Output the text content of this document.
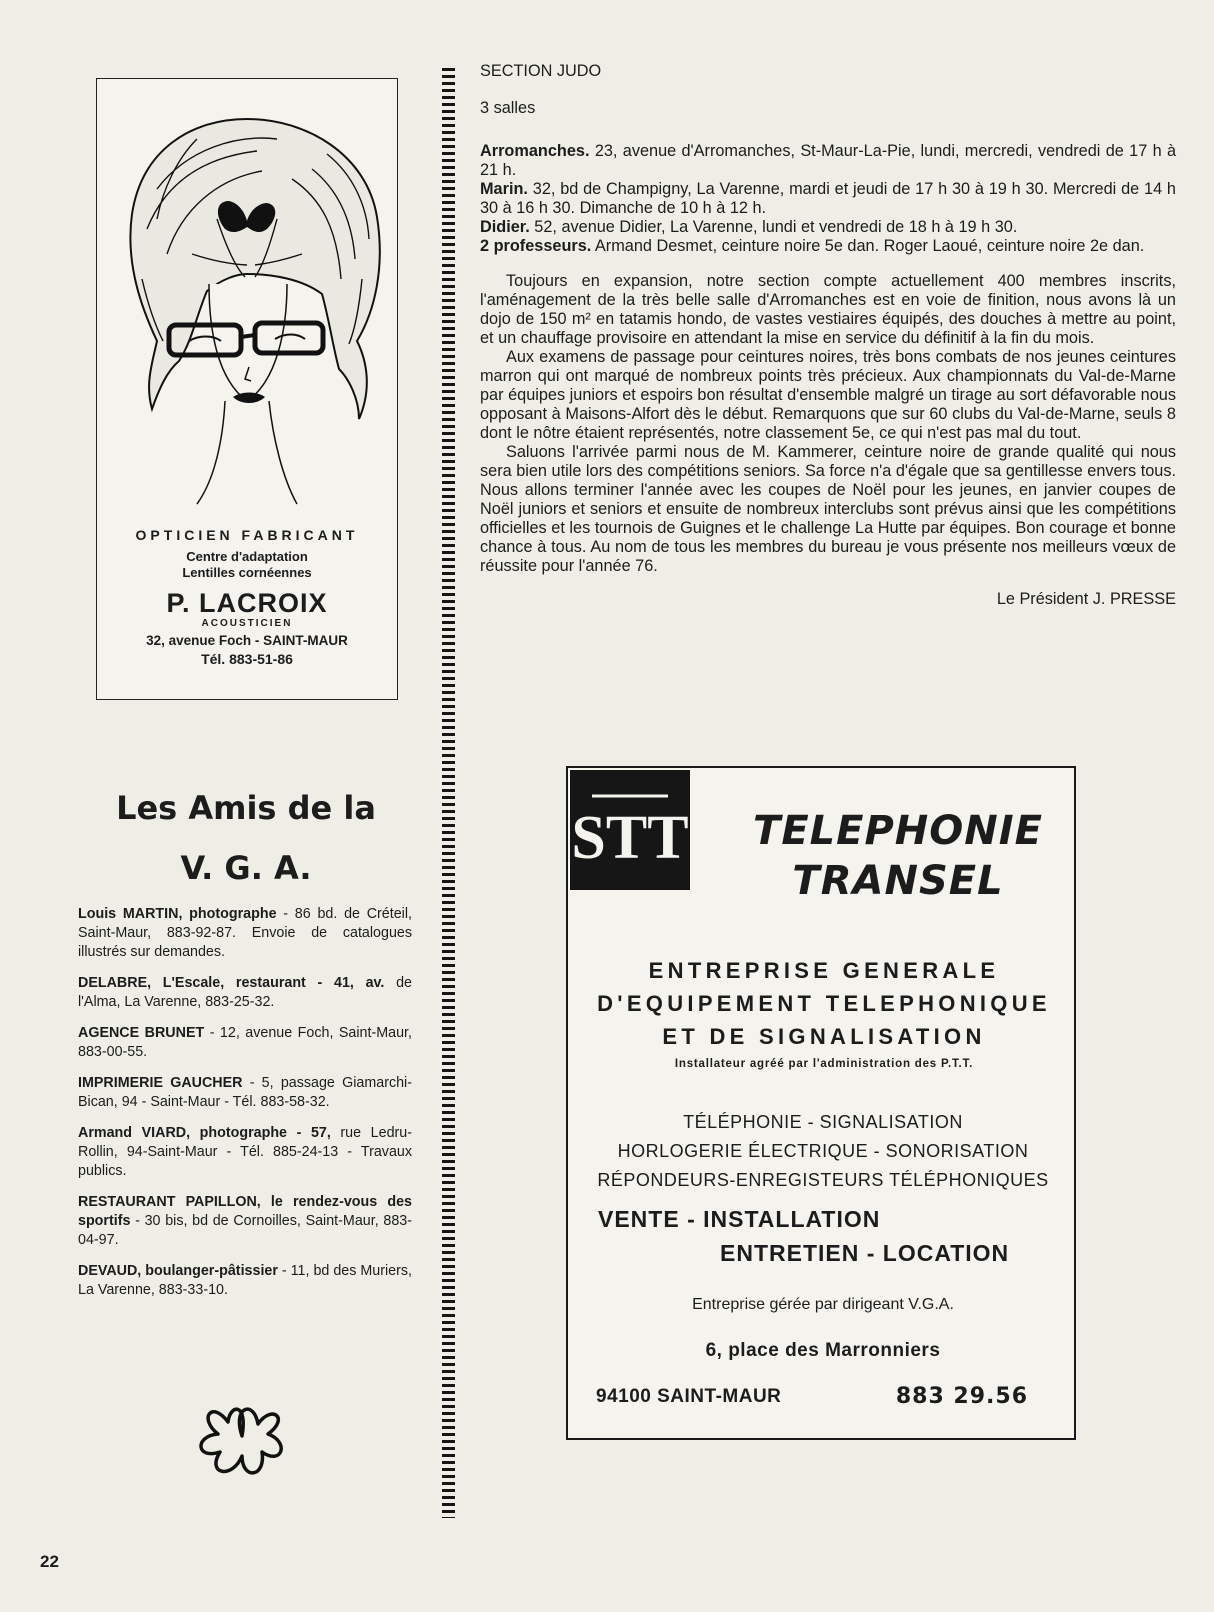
OPTICIEN FABRICANT
Centre d'adaptation
Lentilles cornéennes
P. LACROIX
ACOUSTICIEN
32, avenue Foch - SAINT-MAUR
Tél. 883-51-86
Les Amis de la
V. G. A.
Louis MARTIN, photographe - 86 bd. de Créteil, Saint-Maur, 883-92-87. Envoie de catalogues illustrés sur demandes.
DELABRE, L'Escale, restaurant - 41, av. de l'Alma, La Varenne, 883-25-32.
AGENCE BRUNET - 12, avenue Foch, Saint-Maur, 883-00-55.
IMPRIMERIE GAUCHER - 5, passage Giamarchi-Bican, 94 - Saint-Maur - Tél. 883-58-32.
Armand VIARD, photographe - 57, rue Ledru-Rollin, 94-Saint-Maur - Tél. 885-24-13 - Travaux publics.
RESTAURANT PAPILLON, le rendez-vous des sportifs - 30 bis, bd de Cornoilles, Saint-Maur, 883-04-97.
DEVAUD, boulanger-pâtissier - 11, bd des Muriers, La Varenne, 883-33-10.

SECTION JUDO

3 salles

Arromanches. 23, avenue d'Arromanches, St-Maur-La-Pie, lundi, mercredi, vendredi de 17 h à 21 h.

Marin. 32, bd de Champigny, La Varenne, mardi et jeudi de 17 h 30 à 19 h 30. Mercredi de 14 h 30 à 16 h 30. Dimanche de 10 h à 12 h.

Didier. 52, avenue Didier, La Varenne, lundi et vendredi de 18 h à 19 h 30.

2 professeurs. Armand Desmet, ceinture noire 5e dan. Roger Laoué, ceinture noire 2e dan.

Toujours en expansion, notre section compte actuellement 400 membres inscrits, l'aménagement de la très belle salle d'Arromanches est en voie de finition, nous avons là un dojo de 150 m² en tatamis hondo, de vastes vestiaires équipés, des douches à mettre au point, et un chauffage provisoire en attendant la mise en service du définitif à la fin du mois.

Aux examens de passage pour ceintures noires, très bons combats de nos jeunes ceintures marron qui ont marqué de nombreux points très précieux. Aux championnats du Val-de-Marne par équipes juniors et espoirs bon résultat d'ensemble malgré un tirage au sort défavorable nous opposant à Maisons-Alfort dès le début. Remarquons que sur 60 clubs du Val-de-Marne, seuls 8 dont le nôtre étaient représentés, notre classement 5e, ce qui n'est pas mal du tout.

Saluons l'arrivée parmi nous de M. Kammerer, ceinture noire de grande qualité qui nous sera bien utile lors des compétitions seniors. Sa force n'a d'égale que sa gentillesse envers tous. Nous allons terminer l'année avec les coupes de Noël pour les jeunes, en janvier coupes de Noël juniors et seniors et ensuite de nombreux interclubs sont prévus ainsi que les compétitions officielles et les tournois de Guignes et le challenge La Hutte par équipes. Bon courage et bonne chance à tous. Au nom de tous les membres du bureau je vous présente nos meilleurs vœux de réussite pour l'année 76.

Le Président J. PRESSE

STT	TELEPHONIE
TRANSEL
ENTREPRISE GENERALE
D'EQUIPEMENT TELEPHONIQUE
ET DE SIGNALISATION
Installateur agréé par l'administration des P.T.T.
TÉLÉPHONIE - SIGNALISATION
HORLOGERIE ÉLECTRIQUE - SONORISATION
RÉPONDEURS-ENREGISTEURS TÉLÉPHONIQUES
VENTE - INSTALLATION
ENTRETIEN - LOCATION
Entreprise gérée par dirigeant V.G.A.
6, place des Marronniers
94100 SAINT-MAUR	883 29.56
22
